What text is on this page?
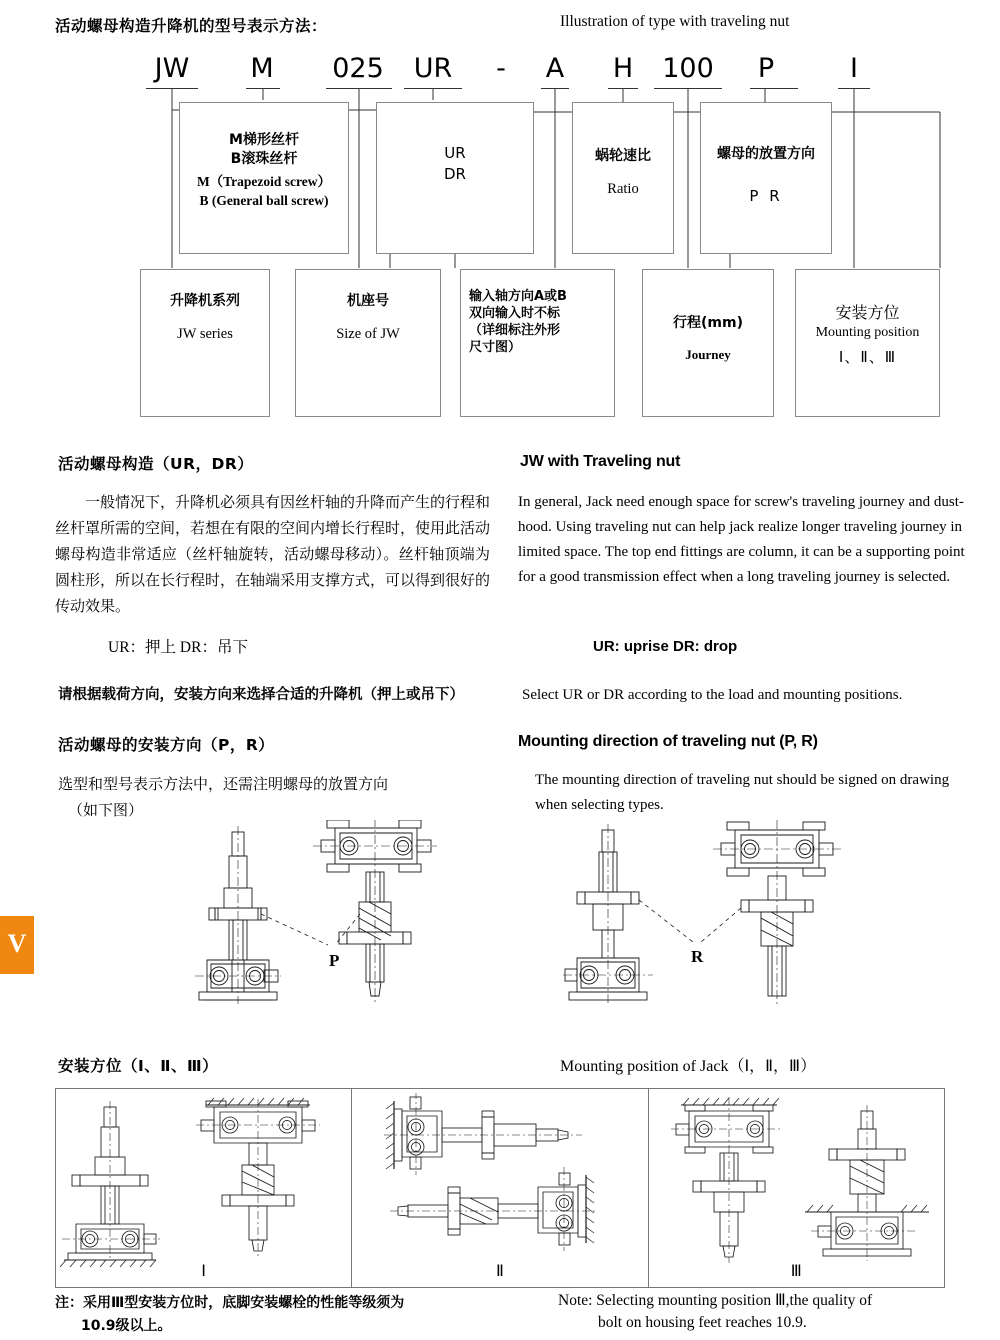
V
活动螺母构造升降机的型号表示方法：	Illustration of type with traveling nut
JW	M	025	UR	-	A	H	100	P	I
M梯形丝杆
B滚珠丝杆
M（Trapezoid screw）
B (General ball screw)
UR
DR
蜗轮速比
Ratio
螺母的放置方向
P R
升降机系列
JW series
机座号
Size of JW
输入轴方向A或B
双向输入时不标
（详细标注外形
尺寸图）
行程(mm)
Journey
安装方位
Mounting position
Ⅰ、Ⅱ、Ⅲ
活动螺母构造（UR，DR）
一般情况下，升降机必须具有因丝杆轴的升降而产生的行程和丝杆罩所需的空间，若想在有限的空间内增长行程时，使用此活动螺母构造非常适应（丝杆轴旋转，活动螺母移动）。丝杆轴顶端为圆柱形，所以在长行程时，在轴端采用支撑方式，可以得到很好的传动效果。
UR：押上 DR：吊下
请根据载荷方向，安装方向来选择合适的升降机（押上或吊下）
活动螺母的安装方向（P，R）
选型和型号表示方法中，还需注明螺母的放置方向
（如下图）
JW with Traveling nut
In general, Jack need enough space for screw's traveling journey and dust-hood. Using traveling nut can help jack realize longer traveling journey in limited space. The top end fittings are column, it can be a supporting point for a good transmission effect when a long traveling journey is selected.
UR: uprise DR: drop
Select UR or DR according to the load and mounting positions.
Mounting direction of traveling nut (P, R)
The mounting direction of traveling nut should be signed on drawing when selecting types.
P	R
安装方位（Ⅰ、Ⅱ、Ⅲ）	Mounting position of Jack（Ⅰ，Ⅱ，Ⅲ）
Ⅰ	Ⅱ	Ⅲ
注：采用Ⅲ型安装方位时，底脚安装螺栓的性能等级须为
10.9级以上。
Note: Selecting mounting position Ⅲ,the quality of
bolt on housing feet reaches 10.9.
